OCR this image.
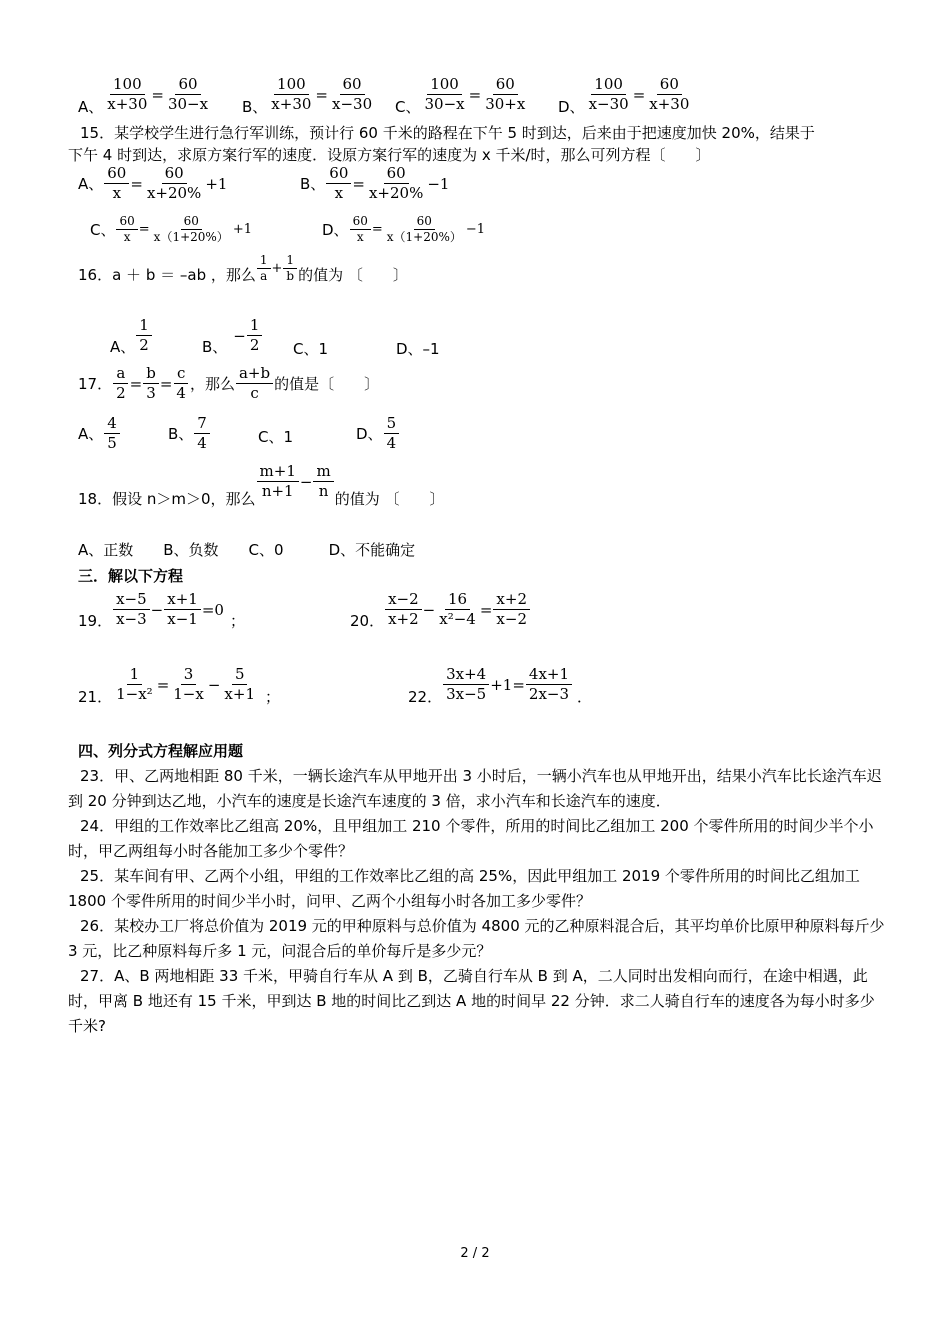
A、 $\frac{100}{x+30} = \frac{60}{30-x}$ B、 $\frac{100}{x+30} = \frac{60}{x-30}$ C、 $\frac{100}{30-x} = \frac{60}{30+x}$ D、 $\frac{100}{x-30} = \frac{60}{x+30}$
15．某学校学生进行急行军训练，预计行 60 千米的路程在下午 5 时到达，后来由于把速度加快 20%，结果于
下午 4 时到达，求原方案行军的速度．设原方案行军的速度为 x 千米/时，那么可列方程〔　　〕
A、 $\frac{60}{x} = \frac{60}{x+20\%} +1$	B、 $\frac{60}{x} = \frac{60}{x+20\%} -1$
C、 $\frac{60}{x} = \frac{60}{x(1+20\%)} +1$	D、 $\frac{60}{x} = \frac{60}{x(1+20\%)} -1$
16．a ＋ b ＝ –ab ，那么 $\frac{1}{a} + \frac{1}{b}$ 的值为 〔　　〕
A、 $\frac{1}{2}$	B、
− $\frac{1}{2}$ C、1	D、–1
17． $\frac{a}{2} = \frac{b}{3} = \frac{c}{4}$ ，那么 $\frac{a+b}{c}$ 的值是〔　　〕
A、 $\frac{4}{5}$	B、 $\frac{7}{4}$	C、1	D、 $\frac{5}{4}$
18．假设 n＞m＞0，那么 $\frac{m+1}{n+1} - \frac{m}{n}$ 的值为 〔　　〕
A、正数　　B、负数　　C、0　　　D、不能确定
三．解以下方程
19． $\frac{x-5}{x-3} - \frac{x+1}{x-1} =0$
；	20． $\frac{x-2}{x+2} - \frac{16}{\text{x²−4}} = \frac{x+2}{x-2}$
21． $\frac{1}{\text{1−x²}} = \frac{3}{1-x} - \frac{5}{x+1}$ ；	22． $\frac{3x+4}{3x-5} +1= \frac{4x+1}{2x-3}$ ．
四、列分式方程解应用题
23．甲、乙两地相距 80 千米，一辆长途汽车从甲地开出 3 小时后，一辆小汽车也从甲地开出，结果小汽车比长途汽车迟到 20 分钟到达乙地，小汽车的速度是长途汽车速度的 3 倍，求小汽车和长途汽车的速度．
24．甲组的工作效率比乙组高 20%，且甲组加工 210 个零件，所用的时间比乙组加工 200 个零件所用的时间少半个小时，甲乙两组每小时各能加工多少个零件？
25．某车间有甲、乙两个小组，甲组的工作效率比乙组的高 25%，因此甲组加工 2019 个零件所用的时间比乙组加工 1800 个零件所用的时间少半小时，问甲、乙两个小组每小时各加工多少零件？
26．某校办工厂将总价值为 2019 元的甲种原料与总价值为 4800 元的乙种原料混合后，其平均单价比原甲种原料每斤少 3 元，比乙种原料每斤多 1 元，问混合后的单价每斤是多少元？
27．A、B 两地相距 33 千米，甲骑自行车从 A 到 B，乙骑自行车从 B 到 A，二人同时出发相向而行，在途中相遇，此时，甲离 B 地还有 15 千米，甲到达 B 地的时间比乙到达 A 地的时间早 22 分钟．求二人骑自行车的速度各为每小时多少千米?
2 / 2
